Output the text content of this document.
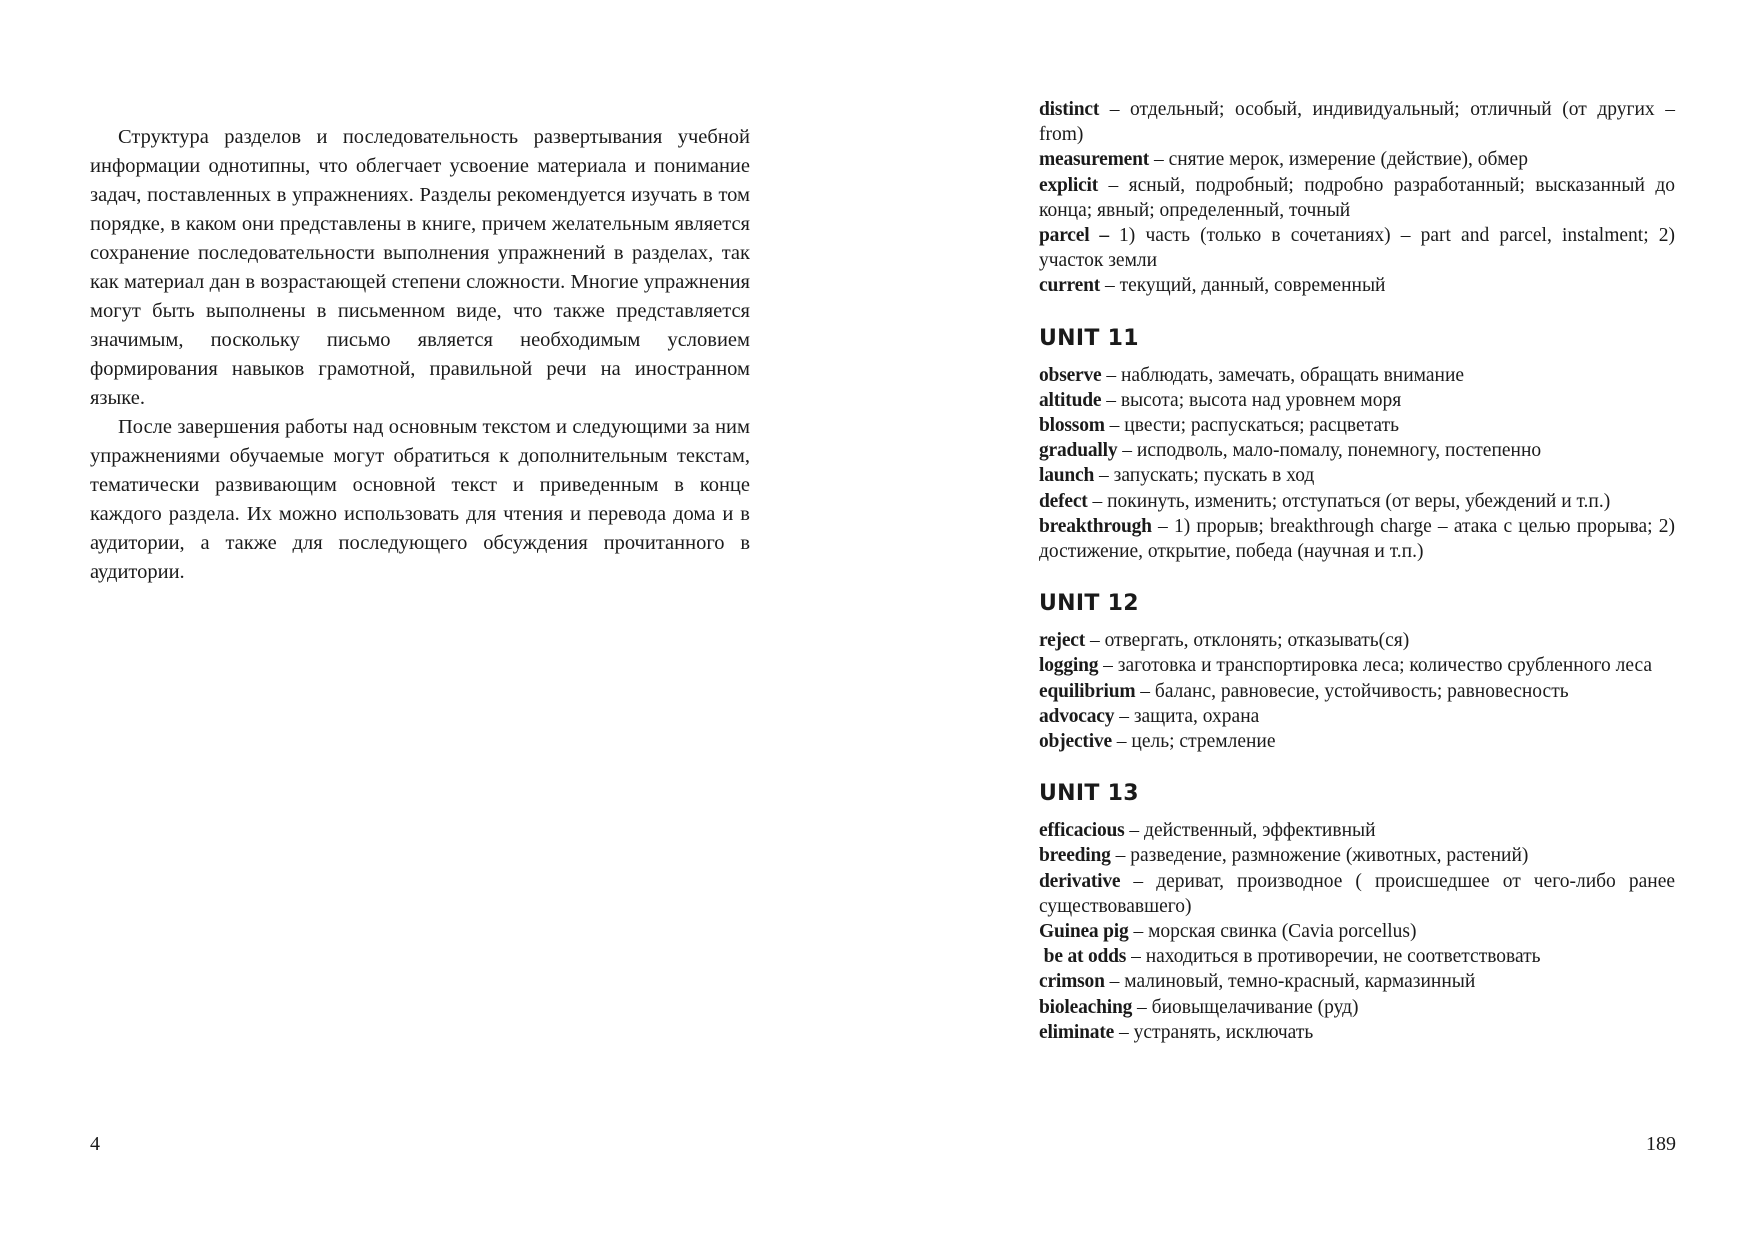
Структура разделов и последовательность развертывания учебной информации однотипны, что облегчает усвоение материала и понимание задач, поставленных в упражнениях. Разделы рекомендуется изучать в том порядке, в каком они представлены в книге, причем желательным является сохранение последовательности выполнения упражнений в разделах, так как материал дан в возрастающей степени сложности. Многие упражнения могут быть выполнены в письменном виде, что также представляется значимым, поскольку письмо является необходимым условием формирования навыков грамотной, правильной речи на иностранном языке.

После завершения работы над основным текстом и следующими за ним упражнениями обучаемые могут обратиться к дополнительным текстам, тематически развивающим основной текст и приведенным в конце каждого раздела. Их можно использовать для чтения и перевода дома и в аудитории, а также для последующего обсуждения прочитанного в аудитории.

4

distinct – отдельный; особый, индивидуальный; отличный (от других – from)

measurement – снятие мерок, измерение (действие), обмер

explicit – ясный, подробный; подробно разработанный; высказанный до конца; явный; определенный, точный

parcel – 1) часть (только в сочетаниях) – part and parcel, instalment; 2) участок земли

current – текущий, данный, современный

UNIT 11

observe – наблюдать, замечать, обращать внимание

altitude – высота; высота над уровнем моря

blossom – цвести; распускаться; расцветать

gradually – исподволь, мало-помалу, понемногу, постепенно

launch – запускать; пускать в ход

defect – покинуть, изменить; отступаться (от веры, убеждений и т.п.)

breakthrough – 1) прорыв; breakthrough charge – атака с целью прорыва; 2) достижение, открытие, победа (научная и т.п.)

UNIT 12

reject – отвергать, отклонять; отказывать(ся)

logging – заготовка и транспортировка леса; количество срубленного леса

equilibrium – баланс, равновесие, устойчивость; равновесность

advocacy – защита, охрана

objective – цель; стремление

UNIT 13

efficacious – действенный, эффективный

breeding – разведение, размножение (животных, растений)

derivative – дериват, производное ( происшедшее от чего-либо ранее существовавшего)

Guinea pig – морская свинка (Cavia porcellus)

be at odds – находиться в противоречии, не соответствовать

crimson – малиновый, темно-красный, кармазинный

bioleaching – биовыщелачивание (руд)

eliminate – устранять, исключать

189
